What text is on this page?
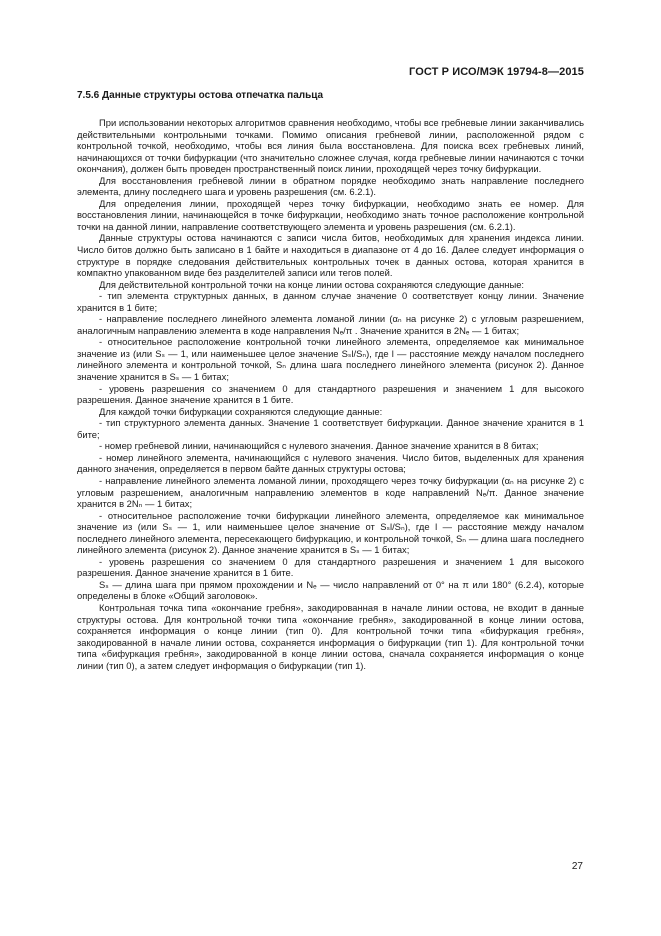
ГОСТ Р ИСО/МЭК 19794-8—2015
7.5.6 Данные структуры остова отпечатка пальца

При использовании некоторых алгоритмов сравнения необходимо, чтобы все гребневые линии заканчивались действительными контрольными точками. Помимо описания гребневой линии, расположенной рядом с контрольной точкой, необходимо, чтобы вся линия была восстановлена. Для поиска всех гребневых линий, начинающихся от точки бифуркации (что значительно сложнее случая, когда гребневые линии начинаются с точки окончания), должен быть проведен пространственный поиск линии, проходящей через точку бифуркации.

Для восстановления гребневой линии в обратном порядке необходимо знать направление последнего элемента, длину последнего шага и уровень разрешения (см. 6.2.1).

Для определения линии, проходящей через точку бифуркации, необходимо знать ее номер. Для восстановления линии, начинающейся в точке бифуркации, необходимо знать точное расположение контрольной точки на данной линии, направление соответствующего элемента и уровень разрешения (см. 6.2.1).

Данные структуры остова начинаются с записи числа битов, необходимых для хранения индекса линии. Число битов должно быть записано в 1 байте и находиться в диапазоне от 4 до 16. Далее следует информация о структуре в порядке следования действительных контрольных точек в данных остова, которая хранится в компактно упакованном виде без разделителей записи или тегов полей.

Для действительной контрольной точки на конце линии остова сохраняются следующие данные:

- тип элемента структурных данных, в данном случае значение 0 соответствует концу линии. Значение хранится в 1 бите;

- направление последнего линейного элемента ломаной линии (αₙ на рисунке 2) с угловым разрешением, аналогичным направлению элемента в коде направления Nₑ/π . Значение хранится в 2Nₑ — 1 битах;

- относительное расположение контрольной точки линейного элемента, определяемое как минимальное значение из (или Sₛ — 1, или наименьшее целое значение Sₛl/Sₙ), где l — расстояние между началом последнего линейного элемента и контрольной точкой, Sₙ длина шага последнего линейного элемента (рисунок 2). Данное значение хранится в Sₛ — 1 битах;

- уровень разрешения со значением 0 для стандартного разрешения и значением 1 для высокого разрешения. Данное значение хранится в 1 бите.

Для каждой точки бифуркации сохраняются следующие данные:

- тип структурного элемента данных. Значение 1 соответствует бифуркации. Данное значение хранится в 1 бите;

- номер гребневой линии, начинающийся с нулевого значения. Данное значение хранится в 8 битах;

- номер линейного элемента, начинающийся с нулевого значения. Число битов, выделенных для хранения данного значения, определяется в первом байте данных структуры остова;

- направление линейного элемента ломаной линии, проходящего через точку бифуркации (αₙ на рисунке 2) с угловым разрешением, аналогичным направлению элементов в коде направлений Nₑ/π. Данное значение хранится в 2Nₙ — 1 битах;

- относительное расположение точки бифуркации линейного элемента, определяемое как минимальное значение из (или Sₛ — 1, или наименьшее целое значение от Sₛl/Sₙ), где l — расстояние между началом последнего линейного элемента, пересекающего бифуркацию, и контрольной точкой, Sₙ — длина шага последнего линейного элемента (рисунок 2). Данное значение хранится в Sₛ — 1 битах;

- уровень разрешения со значением 0 для стандартного разрешения и значением 1 для высокого разрешения. Данное значение хранится в 1 бите.

Sₛ — длина шага при прямом прохождении и Nₑ — число направлений от 0° на π или 180° (6.2.4), которые определены в блоке «Общий заголовок».

Контрольная точка типа «окончание гребня», закодированная в начале линии остова, не входит в данные структуры остова. Для контрольной точки типа «окончание гребня», закодированной в конце линии остова, сохраняется информация о конце линии (тип 0). Для контрольной точки типа «бифуркация гребня», закодированной в начале линии остова, сохраняется информация о бифуркации (тип 1). Для контрольной точки типа «бифуркация гребня», закодированной в конце линии остова, сначала сохраняется информация о конце линии (тип 0), а затем следует информация о бифуркации (тип 1).

27
